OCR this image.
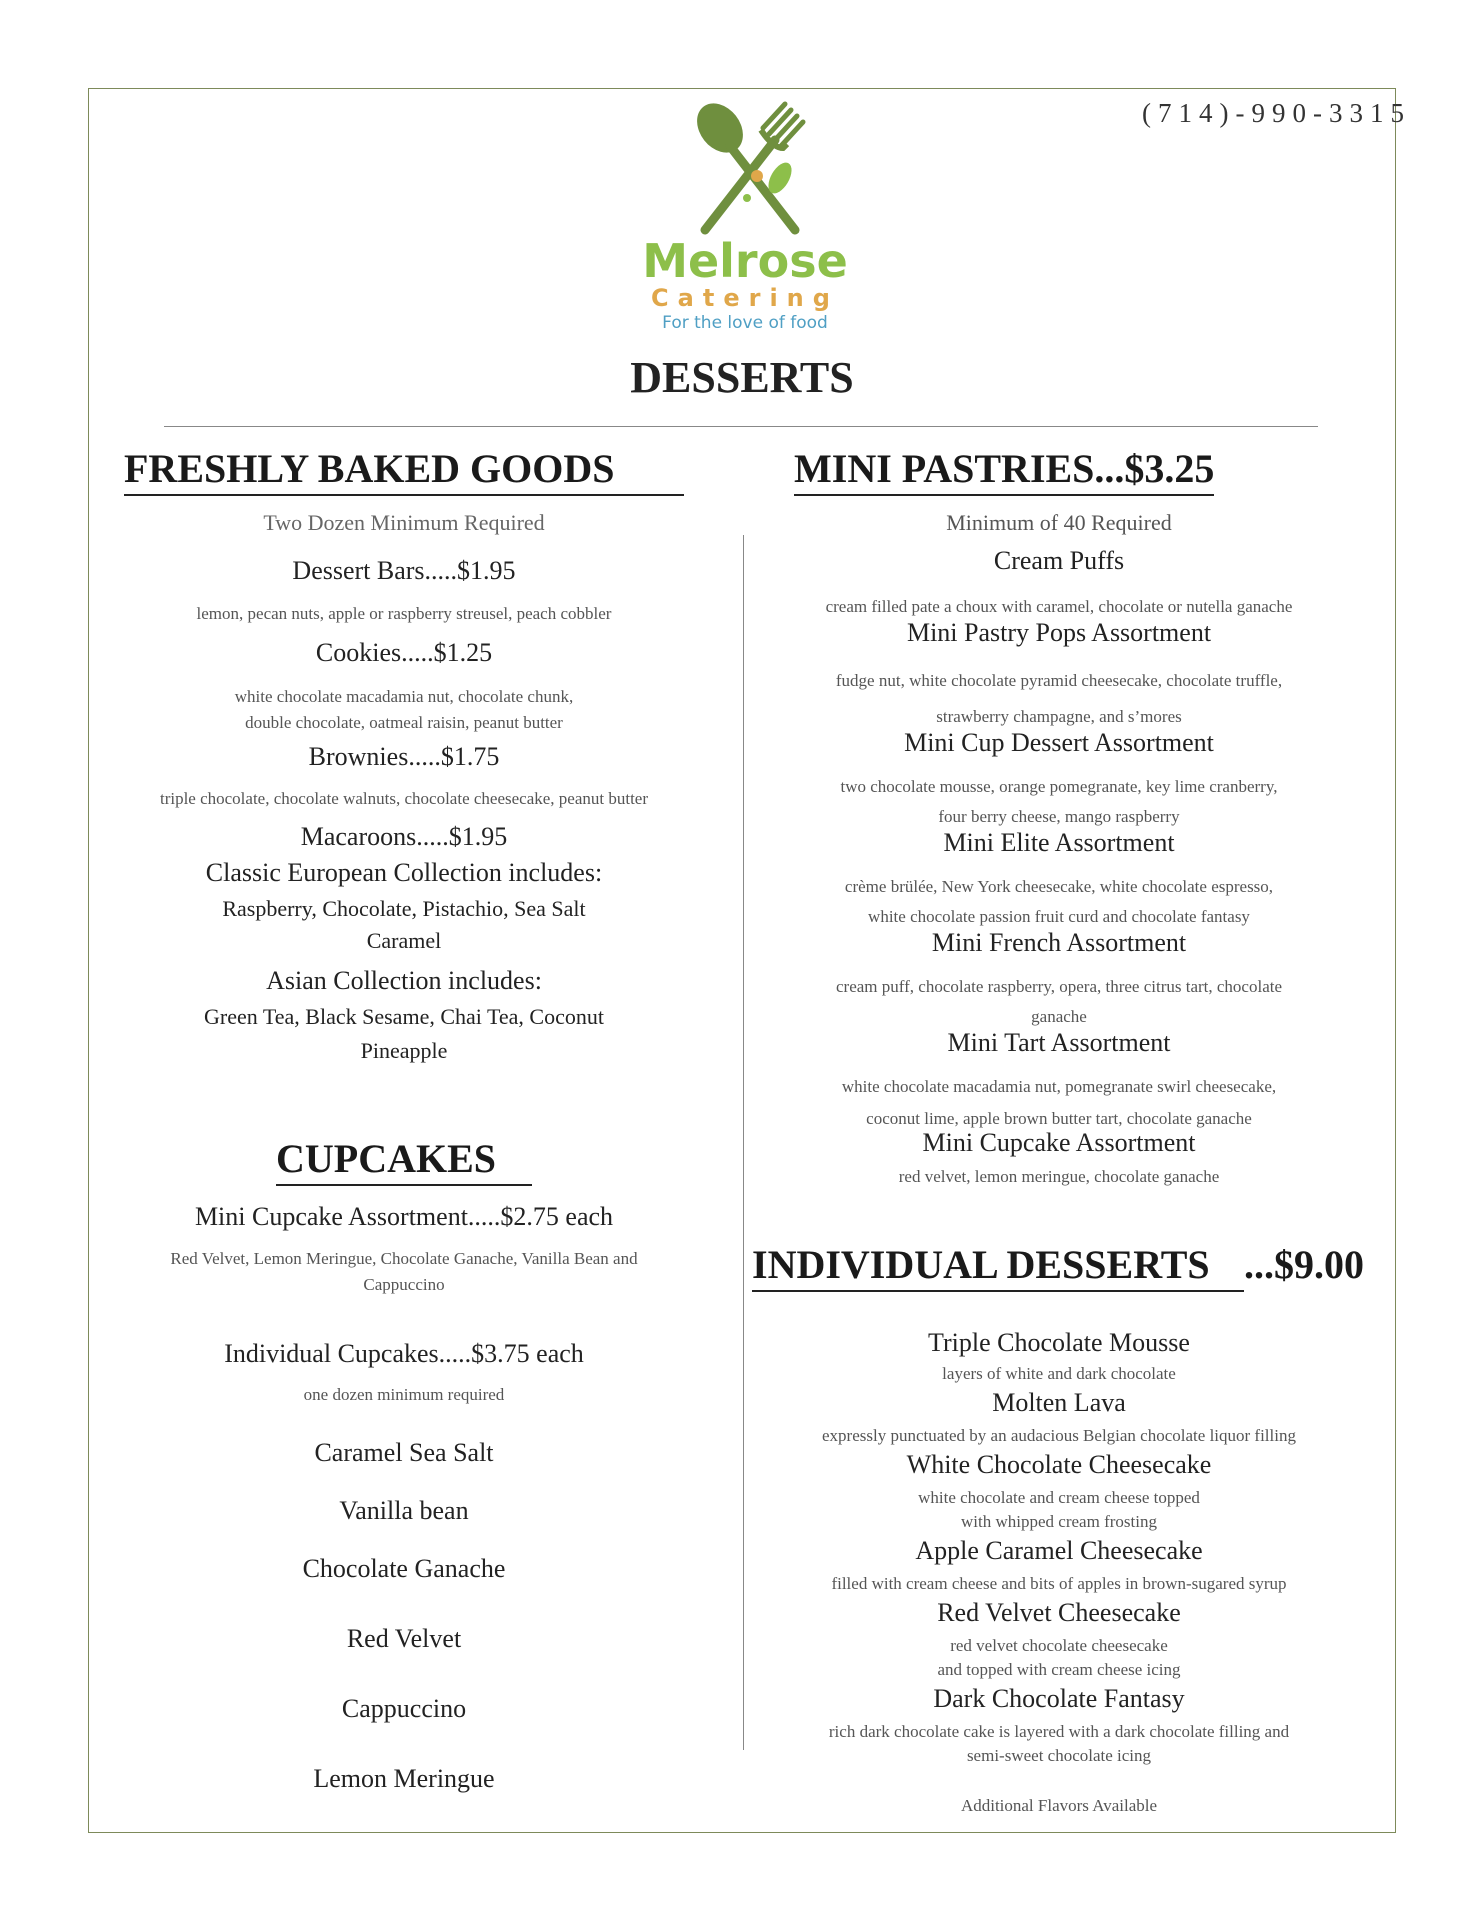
(714)-990-3315
Melrose
Catering
For the love of food
DESSERTS
FRESHLY BAKED GOODS
Two Dozen Minimum Required
Dessert Bars.....$1.95
lemon, pecan nuts, apple or raspberry streusel, peach cobbler
Cookies.....$1.25
white chocolate macadamia nut, chocolate chunk,
double chocolate, oatmeal raisin, peanut butter
Brownies.....$1.75
triple chocolate, chocolate walnuts, chocolate cheesecake, peanut butter
Macaroons.....$1.95
Classic European Collection includes:
Raspberry, Chocolate, Pistachio, Sea Salt
Caramel
Asian Collection includes:
Green Tea, Black Sesame, Chai Tea, Coconut
Pineapple
CUPCAKES
Mini Cupcake Assortment.....$2.75 each
Red Velvet, Lemon Meringue, Chocolate Ganache, Vanilla Bean and
Cappuccino
Individual Cupcakes.....$3.75 each
one dozen minimum required
Caramel Sea Salt
Vanilla bean
Chocolate Ganache
Red Velvet
Cappuccino
Lemon Meringue
MINI PASTRIES...$3.25
Minimum of 40 Required
Cream Puffs
cream filled pate a choux with caramel, chocolate or nutella ganache
Mini Pastry Pops Assortment
fudge nut, white chocolate pyramid cheesecake, chocolate truffle,
strawberry champagne, and s’mores
Mini Cup Dessert Assortment
two chocolate mousse, orange pomegranate, key lime cranberry,
four berry cheese, mango raspberry
Mini Elite Assortment
crème brülée, New York cheesecake, white chocolate espresso,
white chocolate passion fruit curd and chocolate fantasy
Mini French Assortment
cream puff, chocolate raspberry, opera, three citrus tart, chocolate
ganache
Mini Tart Assortment
white chocolate macadamia nut, pomegranate swirl cheesecake,
coconut lime, apple brown butter tart, chocolate ganache
Mini Cupcake Assortment
red velvet, lemon meringue, chocolate ganache
INDIVIDUAL DESSERTS ...$9.00
Triple Chocolate Mousse
layers of white and dark chocolate
Molten Lava
expressly punctuated by an audacious Belgian chocolate liquor filling
White Chocolate Cheesecake
white chocolate and cream cheese topped
with whipped cream frosting
Apple Caramel Cheesecake
filled with cream cheese and bits of apples in brown-sugared syrup
Red Velvet Cheesecake
red velvet chocolate cheesecake
and topped with cream cheese icing
Dark Chocolate Fantasy
rich dark chocolate cake is layered with a dark chocolate filling and
semi-sweet chocolate icing
Additional Flavors Available
